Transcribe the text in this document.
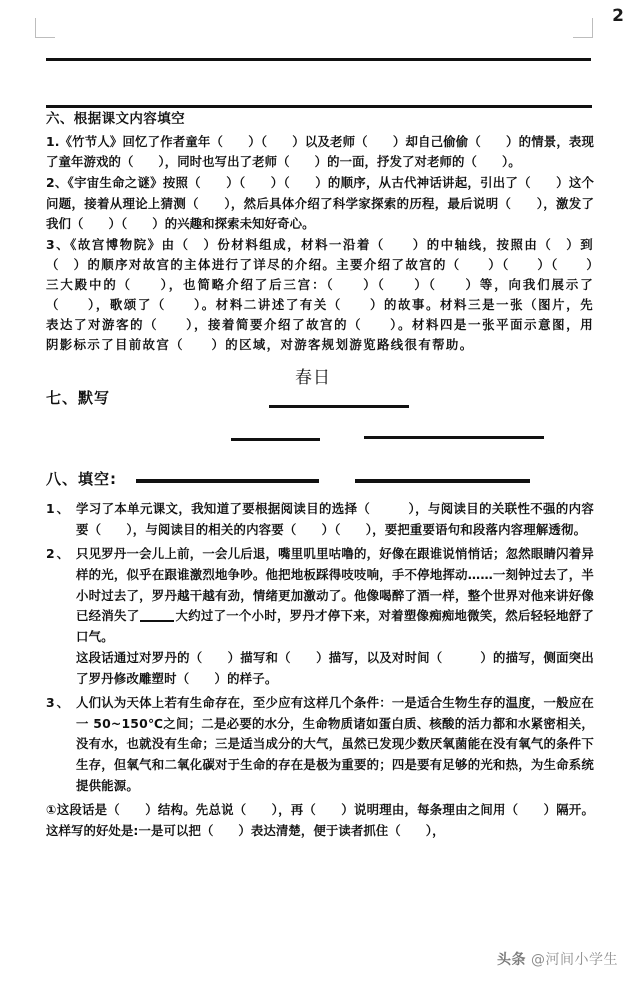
2
六、根据课文内容填空

1.《竹节人》回忆了作者童年（　　）（　　）以及老师（　　）却自己偷偷（　　）的情景，表现了童年游戏的（　　），同时也写出了老师（　　）的一面，抒发了对老师的（　　）。

2、《宇宙生命之谜》按照（　　）（　　）（　　）的顺序，从古代神话讲起，引出了（　　）这个问题，接着从理论上猜测（　　），然后具体介绍了科学家探索的历程，最后说明（　　），激发了我们（　　）（　　）的兴趣和探索未知好奇心。

3、《故宫博物院》由（　）份材料组成，材料一沿着（　　）的中轴线，按照由（　）到（　）的顺序对故宫的主体进行了详尽的介绍。主要介绍了故宫的（　　）（　　）（　　）三大殿中的（　　），也简略介绍了后三宫：（　　）（　　）（　　）等，向我们展示了（　　），歌颂了（　　）。材料二讲述了有关（　　）的故事。材料三是一张（图片，先表达了对游客的（　　），接着简要介绍了故宫的（　　）。材料四是一张平面示意图，用阴影标示了目前故宫（　　）的区域，对游客规划游览路线很有帮助。

七、默写
春日
八、填空:
1、 学习了本单元课文，我知道了要根据阅读目的选择（　　　），与阅读目的关联性不强的内容要（　　），与阅读目的相关的内容要（　　）（　　），要把重要语句和段落内容理解透彻。

2、 只见罗丹一会儿上前，一会儿后退，嘴里叽里咕噜的，好像在跟谁说悄悄话；忽然眼睛闪着异样的光，似乎在跟谁激烈地争吵。他把地板踩得吱吱响，手不停地挥动……一刻钟过去了，半小时过去了，罗丹越干越有劲，情绪更加激动了。他像喝醉了酒一样，整个世界对他来讲好像已经消失了	大约过了一个小时，罗丹才停下来，对着塑像痴痴地微笑，然后轻轻地舒了口气。

这段话通过对罗丹的（　　）描写和（　　）描写，以及对时间（　　　）的描写，侧面突出了罗丹修改雕塑时（　　）的样子。

3、 人们认为天体上若有生命存在，至少应有这样几个条件：一是适合生物生存的温度，一般应在一 50~150℃之间；二是必要的水分，生命物质诸如蛋白质、核酸的活力都和水紧密相关，没有水，也就没有生命；三是适当成分的大气，虽然已发现少数厌氧菌能在没有氧气的条件下生存，但氧气和二氧化碳对于生命的存在是极为重要的；四是要有足够的光和热，为生命系统提供能源。

①这段话是（　　）结构。先总说（　　），再（　　）说明理由，每条理由之间用（　　）隔开。这样写的好处是:一是可以把（　　）表达清楚，便于读者抓住（　　），

头条 @河间小学生
